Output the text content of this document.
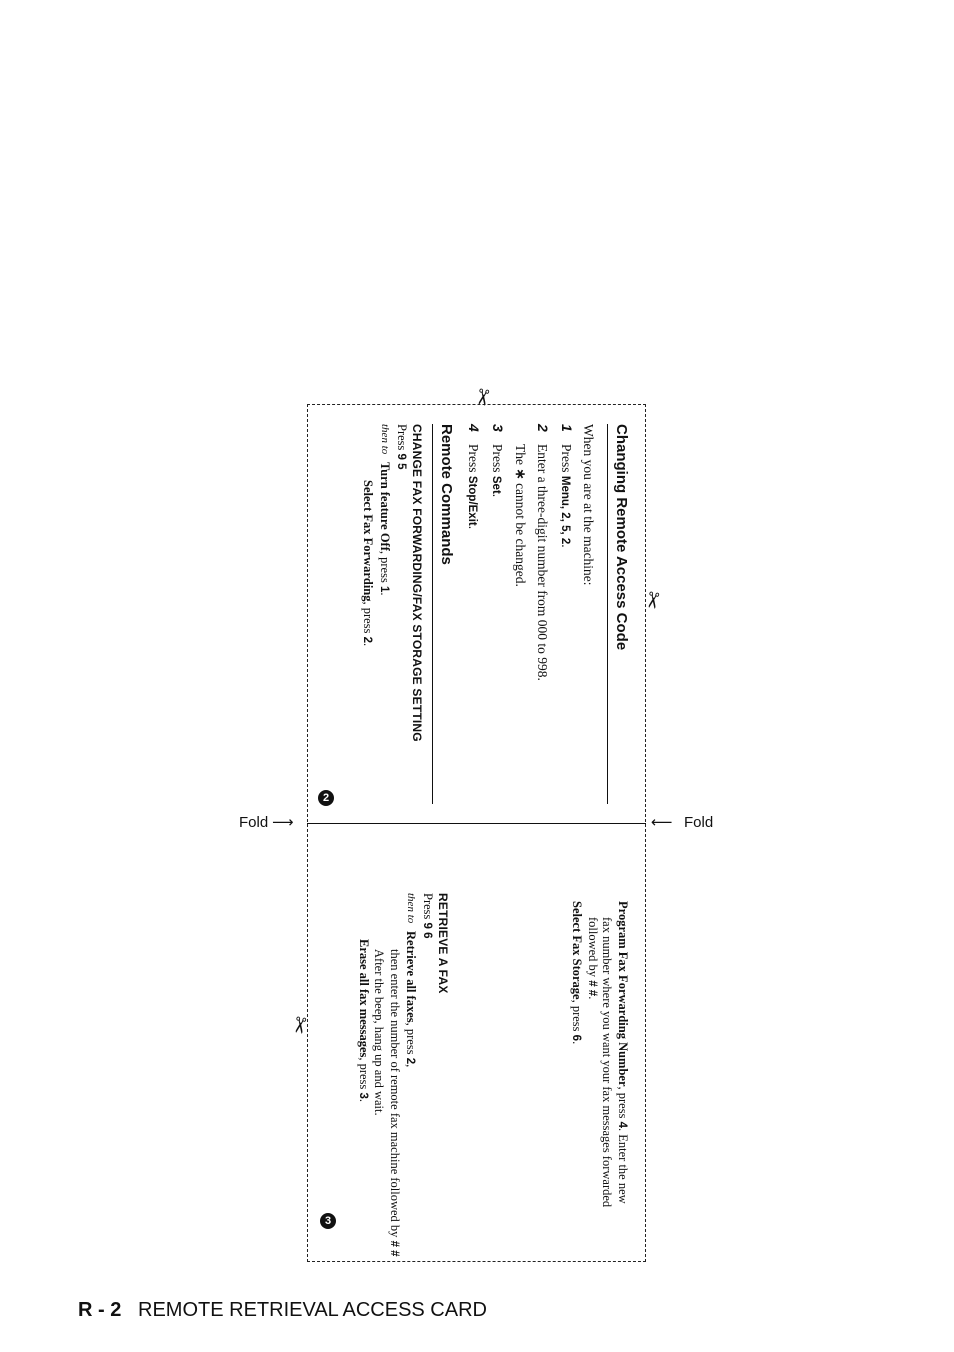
Fold ⟶	⟵ Fold
✂
✂
✂
2
3
Changing Remote Access Code
When you are at the machine:
1Press Menu, 2, 5, 2.
2Enter a three-digit number from 000 to 998.
The ∗ cannot be changed.
3Press Set.
4Press Stop/Exit.
Remote Commands
CHANGE FAX FORWARDING/FAX STORAGE SETTING
Press 9 5
then to
Turn feature Off, press 1.
Select Fax Forwarding, press 2.
Program Fax Forwarding Number, press 4. Enter the new
fax number where you want your fax messages forwarded
followed by # #.
Select Fax Storage, press 6.
RETRIEVE A FAX
Press 9 6
then to
Retrieve all faxes, press 2,
then enter the number of remote fax machine followed by # #
After the beep, hang up and wait.
Erase all fax messages, press 3.
R - 2 REMOTE RETRIEVAL ACCESS CARD
